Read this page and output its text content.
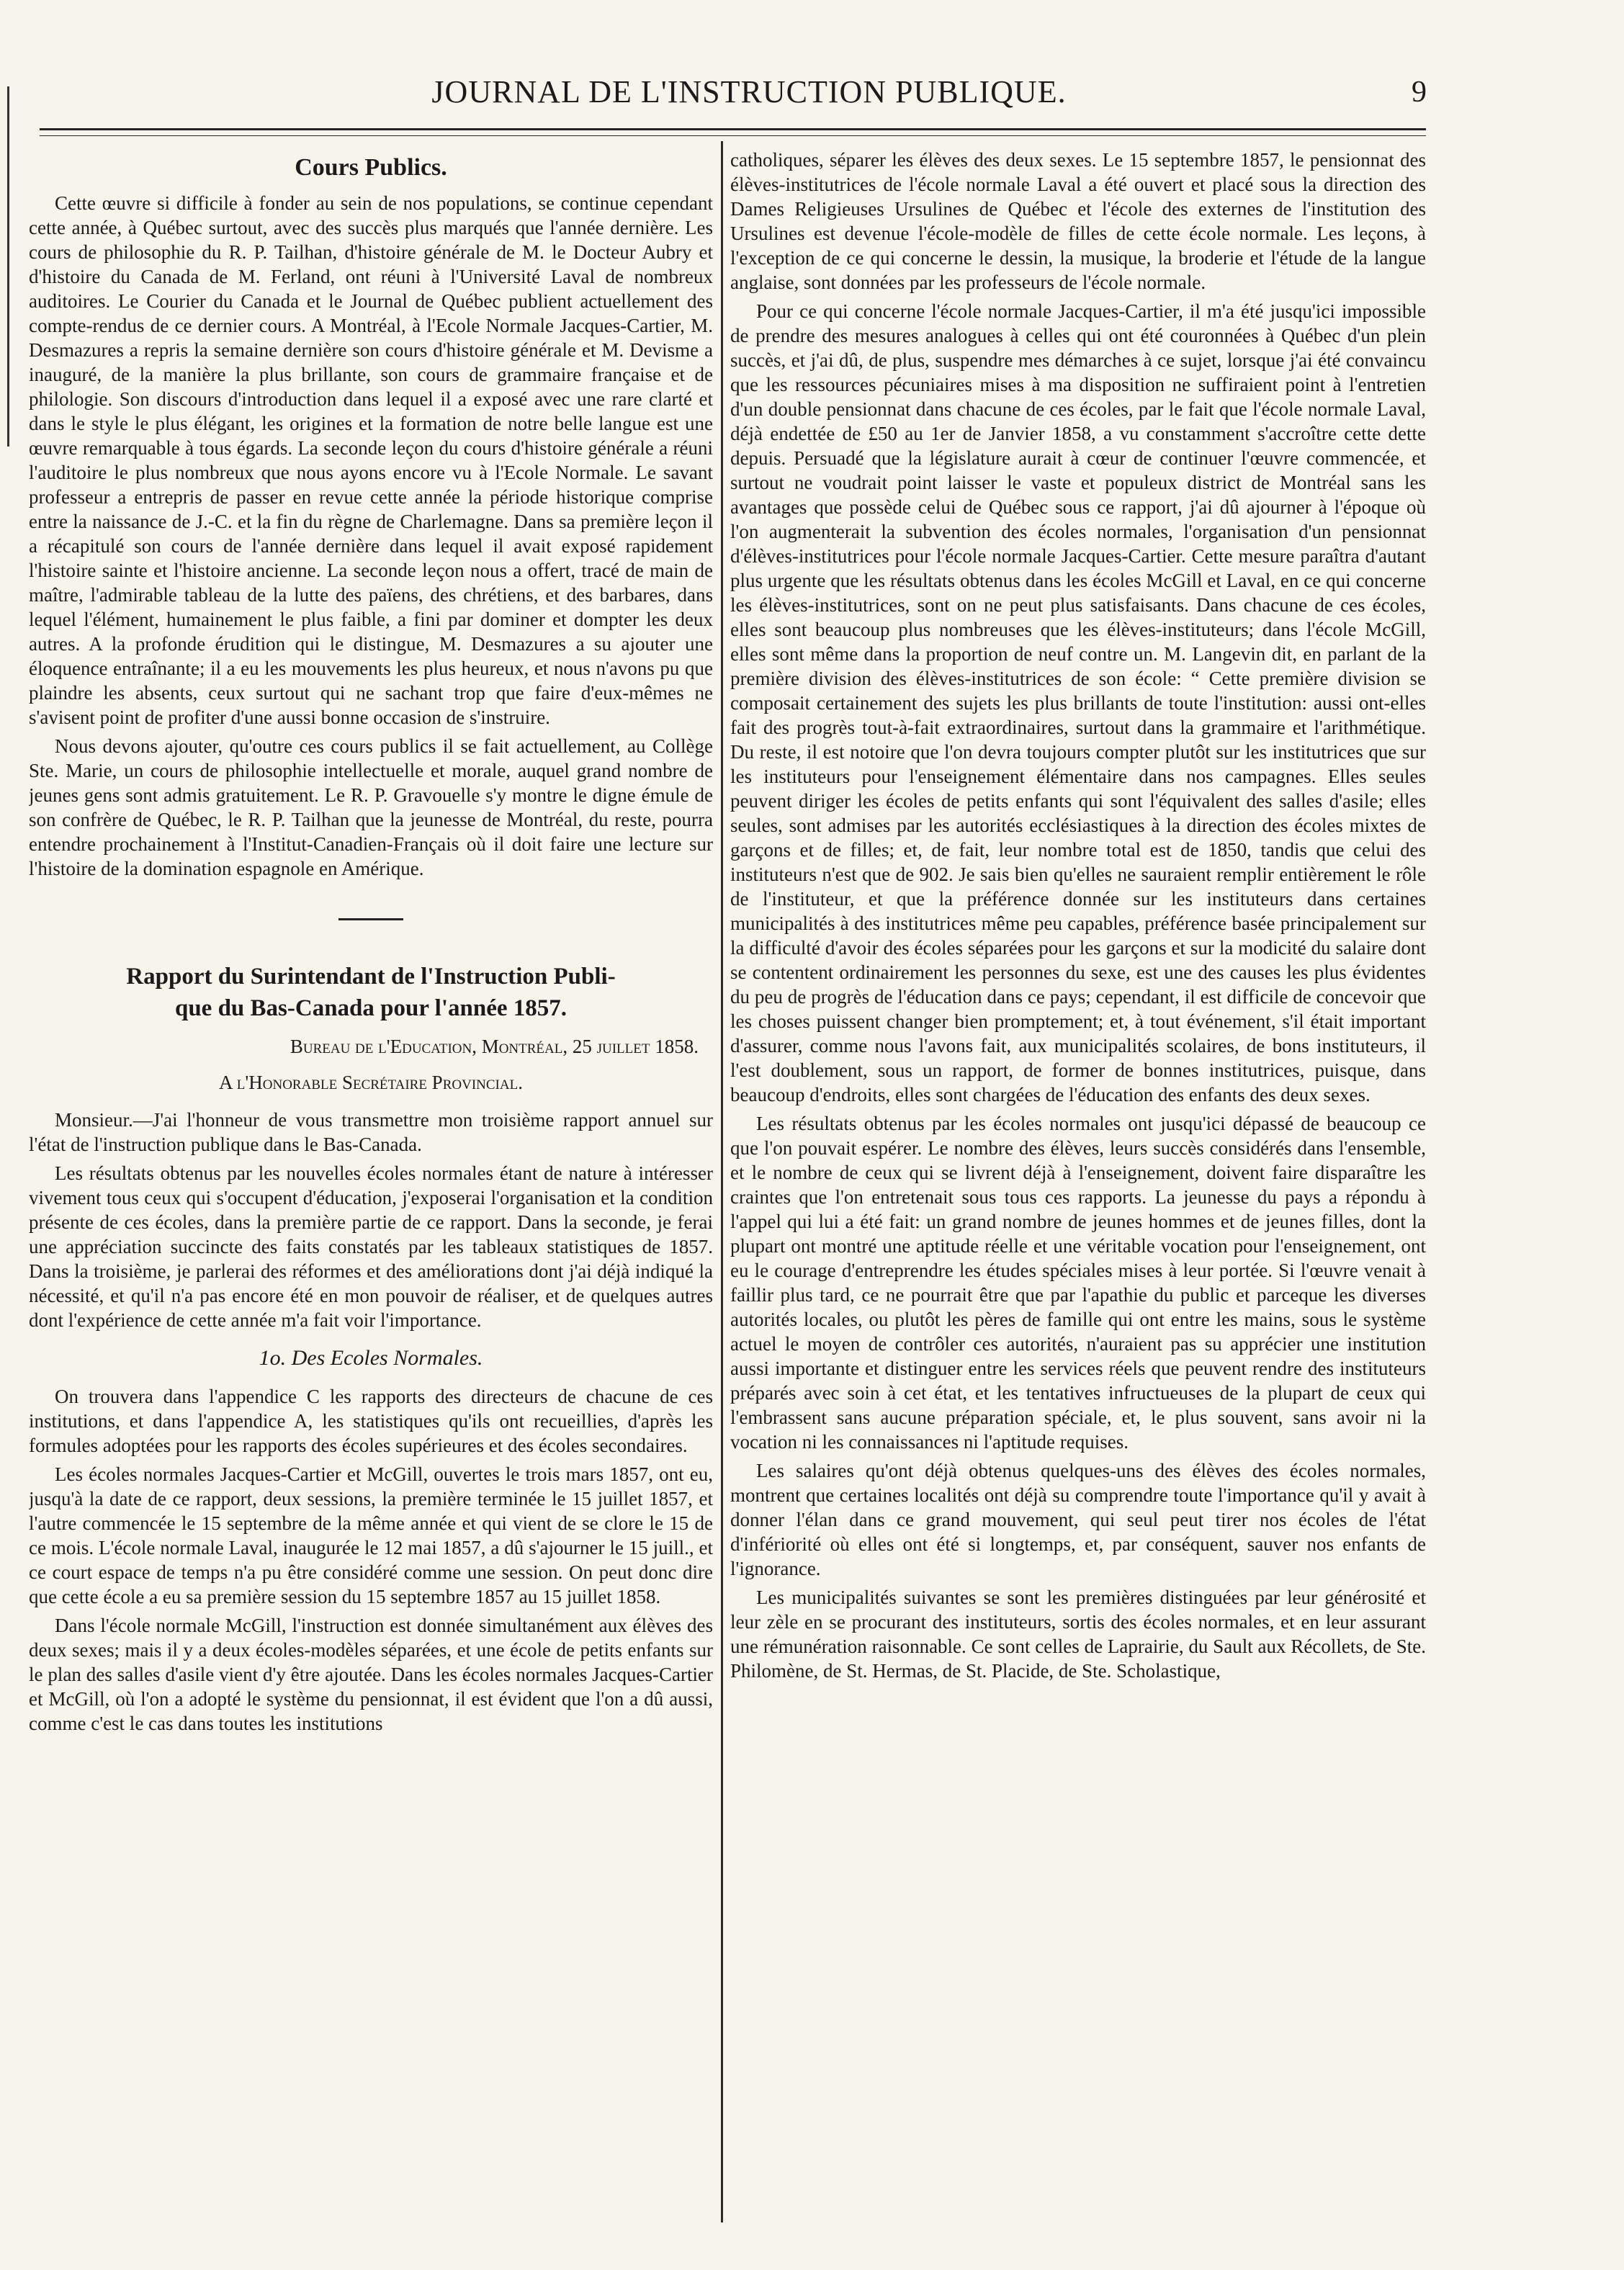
JOURNAL DE L'INSTRUCTION PUBLIQUE.	9
Cours Publics.

Cette œuvre si difficile à fonder au sein de nos populations, se continue cependant cette année, à Québec surtout, avec des succès plus marqués que l'année dernière. Les cours de philosophie du R. P. Tailhan, d'histoire générale de M. le Docteur Aubry et d'histoire du Canada de M. Ferland, ont réuni à l'Université Laval de nombreux auditoires. Le Courier du Canada et le Journal de Québec publient actuellement des compte-rendus de ce dernier cours. A Montréal, à l'Ecole Normale Jacques-Cartier, M. Desmazures a repris la semaine dernière son cours d'histoire générale et M. Devisme a inauguré, de la manière la plus brillante, son cours de grammaire française et de philologie. Son discours d'introduction dans lequel il a exposé avec une rare clarté et dans le style le plus élégant, les origines et la formation de notre belle langue est une œuvre remarquable à tous égards. La seconde leçon du cours d'histoire générale a réuni l'auditoire le plus nombreux que nous ayons encore vu à l'Ecole Normale. Le savant professeur a entrepris de passer en revue cette année la période historique comprise entre la naissance de J.-C. et la fin du règne de Charlemagne. Dans sa première leçon il a récapitulé son cours de l'année dernière dans lequel il avait exposé rapidement l'histoire sainte et l'histoire ancienne. La seconde leçon nous a offert, tracé de main de maître, l'admirable tableau de la lutte des païens, des chrétiens, et des barbares, dans lequel l'élément, humainement le plus faible, a fini par dominer et dompter les deux autres. A la profonde érudition qui le distingue, M. Desmazures a su ajouter une éloquence entraînante; il a eu les mouvements les plus heureux, et nous n'avons pu que plaindre les absents, ceux surtout qui ne sachant trop que faire d'eux-mêmes ne s'avisent point de profiter d'une aussi bonne occasion de s'instruire.

Nous devons ajouter, qu'outre ces cours publics il se fait actuellement, au Collège Ste. Marie, un cours de philosophie intellectuelle et morale, auquel grand nombre de jeunes gens sont admis gratuitement. Le R. P. Gravouelle s'y montre le digne émule de son confrère de Québec, le R. P. Tailhan que la jeunesse de Montréal, du reste, pourra entendre prochainement à l'Institut-Canadien-Français où il doit faire une lecture sur l'histoire de la domination espagnole en Amérique.

Rapport du Surintendant de l'Instruction Publi-
que du Bas-Canada pour l'année 1857.
Bureau de l'Education, Montréal, 25 juillet 1858.
A l'Honorable Secrétaire Provincial.

Monsieur.—J'ai l'honneur de vous transmettre mon troisième rapport annuel sur l'état de l'instruction publique dans le Bas-Canada.

Les résultats obtenus par les nouvelles écoles normales étant de nature à intéresser vivement tous ceux qui s'occupent d'éducation, j'exposerai l'organisation et la condition présente de ces écoles, dans la première partie de ce rapport. Dans la seconde, je ferai une appréciation succincte des faits constatés par les tableaux statistiques de 1857. Dans la troisième, je parlerai des réformes et des améliorations dont j'ai déjà indiqué la nécessité, et qu'il n'a pas encore été en mon pouvoir de réaliser, et de quelques autres dont l'expérience de cette année m'a fait voir l'importance.

1o. Des Ecoles Normales.

On trouvera dans l'appendice C les rapports des directeurs de chacune de ces institutions, et dans l'appendice A, les statistiques qu'ils ont recueillies, d'après les formules adoptées pour les rapports des écoles supérieures et des écoles secondaires.

Les écoles normales Jacques-Cartier et McGill, ouvertes le trois mars 1857, ont eu, jusqu'à la date de ce rapport, deux sessions, la première terminée le 15 juillet 1857, et l'autre commencée le 15 septembre de la même année et qui vient de se clore le 15 de ce mois. L'école normale Laval, inaugurée le 12 mai 1857, a dû s'ajourner le 15 juill., et ce court espace de temps n'a pu être considéré comme une session. On peut donc dire que cette école a eu sa première session du 15 septembre 1857 au 15 juillet 1858.

Dans l'école normale McGill, l'instruction est donnée simultanément aux élèves des deux sexes; mais il y a deux écoles-modèles séparées, et une école de petits enfants sur le plan des salles d'asile vient d'y être ajoutée. Dans les écoles normales Jacques-Cartier et McGill, où l'on a adopté le système du pensionnat, il est évident que l'on a dû aussi, comme c'est le cas dans toutes les institutions

catholiques, séparer les élèves des deux sexes. Le 15 septembre 1857, le pensionnat des élèves-institutrices de l'école normale Laval a été ouvert et placé sous la direction des Dames Religieuses Ursulines de Québec et l'école des externes de l'institution des Ursulines est devenue l'école-modèle de filles de cette école normale. Les leçons, à l'exception de ce qui concerne le dessin, la musique, la broderie et l'étude de la langue anglaise, sont données par les professeurs de l'école normale.

Pour ce qui concerne l'école normale Jacques-Cartier, il m'a été jusqu'ici impossible de prendre des mesures analogues à celles qui ont été couronnées à Québec d'un plein succès, et j'ai dû, de plus, suspendre mes démarches à ce sujet, lorsque j'ai été convaincu que les ressources pécuniaires mises à ma disposition ne suffiraient point à l'entretien d'un double pensionnat dans chacune de ces écoles, par le fait que l'école normale Laval, déjà endettée de £50 au 1er de Janvier 1858, a vu constamment s'accroître cette dette depuis. Persuadé que la législature aurait à cœur de continuer l'œuvre commencée, et surtout ne voudrait point laisser le vaste et populeux district de Montréal sans les avantages que possède celui de Québec sous ce rapport, j'ai dû ajourner à l'époque où l'on augmenterait la subvention des écoles normales, l'organisation d'un pensionnat d'élèves-institutrices pour l'école normale Jacques-Cartier. Cette mesure paraîtra d'autant plus urgente que les résultats obtenus dans les écoles McGill et Laval, en ce qui concerne les élèves-institutrices, sont on ne peut plus satisfaisants. Dans chacune de ces écoles, elles sont beaucoup plus nombreuses que les élèves-instituteurs; dans l'école McGill, elles sont même dans la proportion de neuf contre un. M. Langevin dit, en parlant de la première division des élèves-institutrices de son école: “ Cette première division se composait certainement des sujets les plus brillants de toute l'institution: aussi ont-elles fait des progrès tout-à-fait extraordinaires, surtout dans la grammaire et l'arithmétique. Du reste, il est notoire que l'on devra toujours compter plutôt sur les institutrices que sur les instituteurs pour l'enseignement élémentaire dans nos campagnes. Elles seules peuvent diriger les écoles de petits enfants qui sont l'équivalent des salles d'asile; elles seules, sont admises par les autorités ecclésiastiques à la direction des écoles mixtes de garçons et de filles; et, de fait, leur nombre total est de 1850, tandis que celui des instituteurs n'est que de 902. Je sais bien qu'elles ne sauraient remplir entièrement le rôle de l'instituteur, et que la préférence donnée sur les instituteurs dans certaines municipalités à des institutrices même peu capables, préférence basée principalement sur la difficulté d'avoir des écoles séparées pour les garçons et sur la modicité du salaire dont se contentent ordinairement les personnes du sexe, est une des causes les plus évidentes du peu de progrès de l'éducation dans ce pays; cependant, il est difficile de concevoir que les choses puissent changer bien promptement; et, à tout événement, s'il était important d'assurer, comme nous l'avons fait, aux municipalités scolaires, de bons instituteurs, il l'est doublement, sous un rapport, de former de bonnes institutrices, puisque, dans beaucoup d'endroits, elles sont chargées de l'éducation des enfants des deux sexes.

Les résultats obtenus par les écoles normales ont jusqu'ici dépassé de beaucoup ce que l'on pouvait espérer. Le nombre des élèves, leurs succès considérés dans l'ensemble, et le nombre de ceux qui se livrent déjà à l'enseignement, doivent faire disparaître les craintes que l'on entretenait sous tous ces rapports. La jeunesse du pays a répondu à l'appel qui lui a été fait: un grand nombre de jeunes hommes et de jeunes filles, dont la plupart ont montré une aptitude réelle et une véritable vocation pour l'enseignement, ont eu le courage d'entreprendre les études spéciales mises à leur portée. Si l'œuvre venait à faillir plus tard, ce ne pourrait être que par l'apathie du public et parceque les diverses autorités locales, ou plutôt les pères de famille qui ont entre les mains, sous le système actuel le moyen de contrôler ces autorités, n'auraient pas su apprécier une institution aussi importante et distinguer entre les services réels que peuvent rendre des instituteurs préparés avec soin à cet état, et les tentatives infructueuses de la plupart de ceux qui l'embrassent sans aucune préparation spéciale, et, le plus souvent, sans avoir ni la vocation ni les connaissances ni l'aptitude requises.

Les salaires qu'ont déjà obtenus quelques-uns des élèves des écoles normales, montrent que certaines localités ont déjà su comprendre toute l'importance qu'il y avait à donner l'élan dans ce grand mouvement, qui seul peut tirer nos écoles de l'état d'infériorité où elles ont été si longtemps, et, par conséquent, sauver nos enfants de l'ignorance.

Les municipalités suivantes se sont les premières distinguées par leur générosité et leur zèle en se procurant des instituteurs, sortis des écoles normales, et en leur assurant une rémunération raisonnable. Ce sont celles de Laprairie, du Sault aux Récollets, de Ste. Philomène, de St. Hermas, de St. Placide, de Ste. Scholastique,
